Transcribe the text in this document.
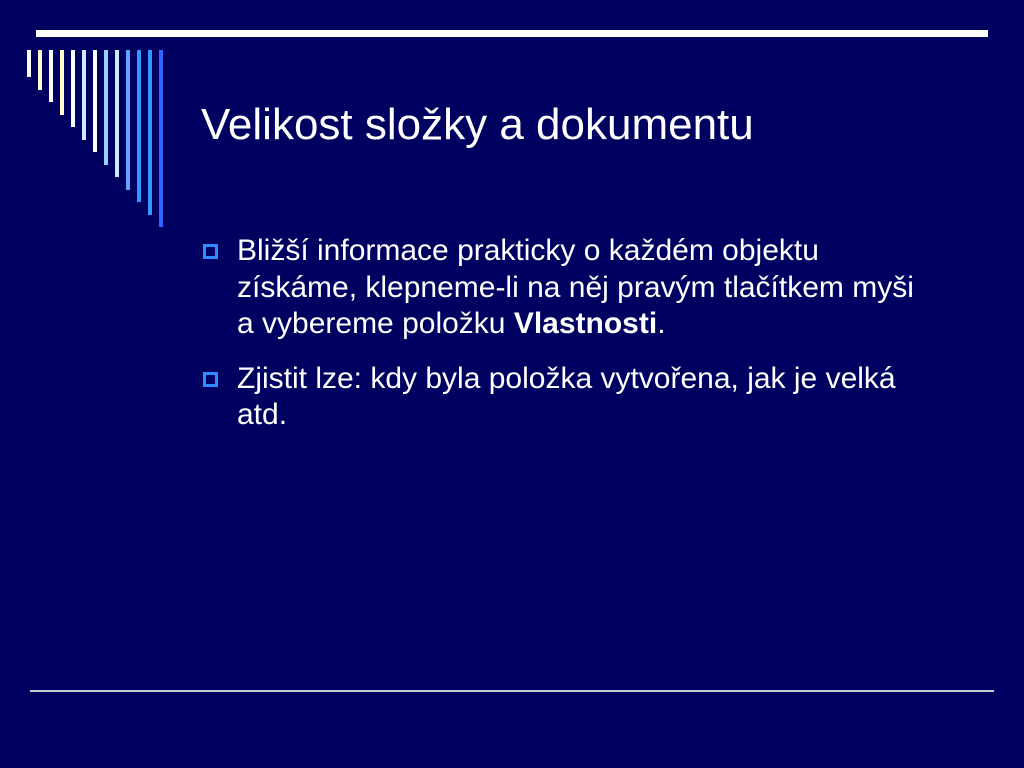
Velikost složky a dokumentu
Bližší informace prakticky o každém objektu získáme, klepneme-li na něj pravým tlačítkem myši a vybereme položku Vlastnosti.
Zjistit lze: kdy byla položka vytvořena, jak je velká atd.
